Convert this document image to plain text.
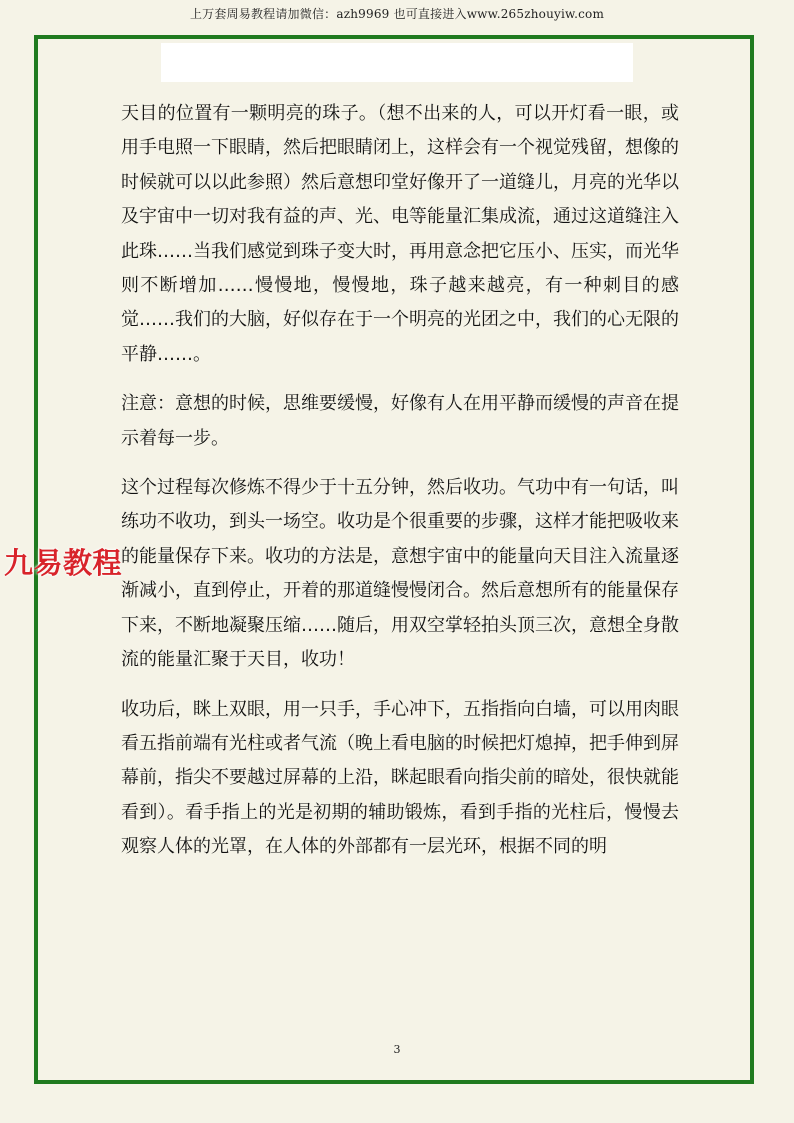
上万套周易教程请加微信：azh9969 也可直接进入www.265zhouyiw.com

天目的位置有一颗明亮的珠子。（想不出来的人，可以开灯看一眼，或用手电照一下眼睛，然后把眼睛闭上，这样会有一个视觉残留，想像的时候就可以以此参照）然后意想印堂好像开了一道缝儿，月亮的光华以及宇宙中一切对我有益的声、光、电等能量汇集成流，通过这道缝注入此珠……当我们感觉到珠子变大时，再用意念把它压小、压实，而光华则不断增加……慢慢地，慢慢地，珠子越来越亮，有一种刺目的感觉……我们的大脑，好似存在于一个明亮的光团之中，我们的心无限的平静……。

注意：意想的时候，思维要缓慢，好像有人在用平静而缓慢的声音在提示着每一步。

这个过程每次修炼不得少于十五分钟，然后收功。气功中有一句话，叫练功不收功，到头一场空。收功是个很重要的步骤，这样才能把吸收来的能量保存下来。收功的方法是，意想宇宙中的能量向天目注入流量逐渐减小，直到停止，开着的那道缝慢慢闭合。然后意想所有的能量保存下来，不断地凝聚压缩……随后，用双空掌轻拍头顶三次，意想全身散流的能量汇聚于天目，收功！

收功后，眯上双眼，用一只手，手心冲下，五指指向白墙，可以用肉眼看五指前端有光柱或者气流（晚上看电脑的时候把灯熄掉，把手伸到屏幕前，指尖不要越过屏幕的上沿，眯起眼看向指尖前的暗处，很快就能看到）。看手指上的光是初期的辅助锻炼，看到手指的光柱后，慢慢去观察人体的光罩，在人体的外部都有一层光环，根据不同的明

九易教程
3
